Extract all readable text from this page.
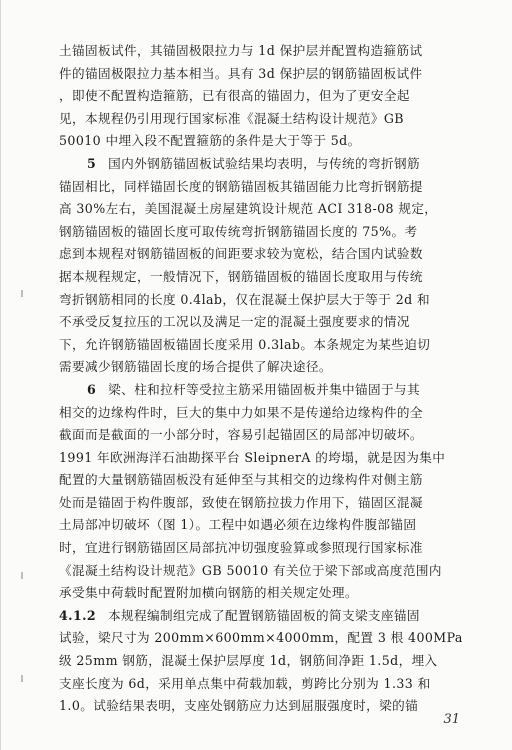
土锚固板试件，其锚固极限拉力与 1d 保护层并配置构造箍筋试
件的锚固极限拉力基本相当。具有 3d 保护层的钢筋锚固板试件
，即使不配置构造箍筋，已有很高的锚固力，但为了更安全起
见，本规程仍引用现行国家标准《混凝土结构设计规范》GB
50010 中埋入段不配置箍筋的条件是大于等于 5d。
5 国内外钢筋锚固板试验结果均表明，与传统的弯折钢筋
锚固相比，同样锚固长度的钢筋锚固板其锚固能力比弯折钢筋提
高 30%左右，美国混凝土房屋建筑设计规范 ACI 318-08 规定，
钢筋锚固板的锚固长度可取传统弯折钢筋锚固长度的 75%。考
虑到本规程对钢筋锚固板的间距要求较为宽松，结合国内试验数
据本规程规定，一般情况下，钢筋锚固板的锚固长度取用与传统
弯折钢筋相同的长度 0.4lab，仅在混凝土保护层大于等于 2d 和
不承受反复拉压的工况以及满足一定的混凝土强度要求的情况
下，允许钢筋锚固板锚固长度采用 0.3lab。本条规定为某些迫切
需要减少钢筋锚固长度的场合提供了解决途径。
6 梁、柱和拉杆等受拉主筋采用锚固板并集中锚固于与其
相交的边缘构件时，巨大的集中力如果不是传递给边缘构件的全
截面而是截面的一小部分时，容易引起锚固区的局部冲切破坏。
1991 年欧洲海洋石油勘探平台 SleipnerA 的垮塌，就是因为集中
配置的大量钢筋锚固板没有延伸至与其相交的边缘构件对侧主筋
处而是锚固于构件腹部，致使在钢筋拉拔力作用下，锚固区混凝
土局部冲切破坏（图 1）。工程中如遇必须在边缘构件腹部锚固
时，宜进行钢筋锚固区局部抗冲切强度验算或参照现行国家标准
《混凝土结构设计规范》GB 50010 有关位于梁下部或高度范围内
承受集中荷载时配置附加横向钢筋的相关规定处理。
4.1.2 本规程编制组完成了配置钢筋锚固板的简支梁支座锚固
试验，梁尺寸为 200mm×600mm×4000mm，配置 3 根 400MPa
级 25mm 钢筋，混凝土保护层厚度 1d，钢筋间净距 1.5d，埋入
支座长度为 6d，采用单点集中荷载加载，剪跨比分别为 1.33 和
1.0。试验结果表明，支座处钢筋应力达到屈服强度时，梁的锚
31
